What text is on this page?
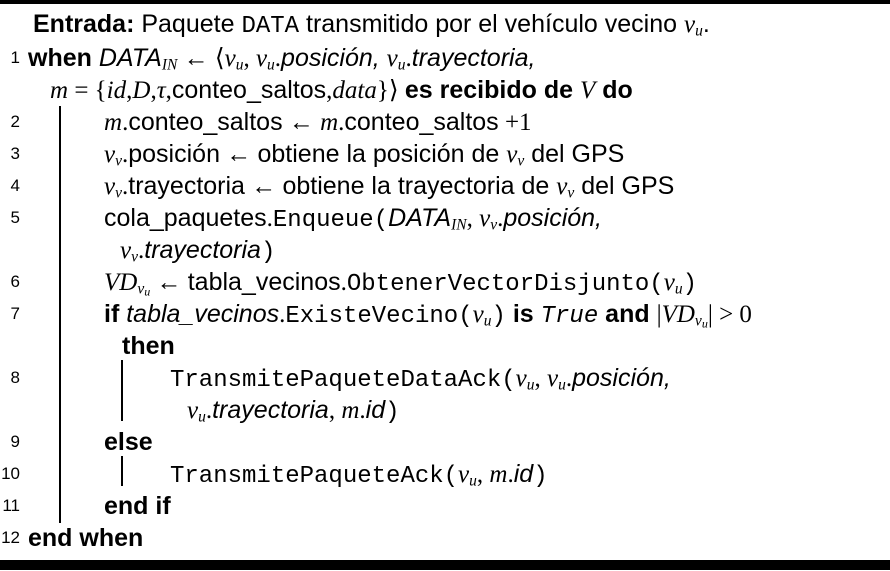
Entrada: Paquete DATA transmitido por el vehículo vecino vu.
1 when DATAIN ← ⟨vu, vu.posición, vu.trayectoria,
m = {id,D,τ,conteo_saltos,data}⟩ es recibido de V do
2	m.conteo_saltos ← m.conteo_saltos +1
3	vv.posición ← obtiene la posición de vv del GPS
4	vv.trayectoria ← obtiene la trayectoria de vv del GPS
5	cola_paquetes.Enqueue(DATAIN, vv.posición,
vv.trayectoria)
6	VDv$_u$ ← tabla_vecinos.ObtenerVectorDisjunto(vu)
7	if tabla_vecinos.ExisteVecino(vu) is True and |VDv$_u$| > 0
then
8	TransmitePaqueteDataAck(vu, vu.posición,
vu.trayectoria, m.id)
9	else
10	TransmitePaqueteAck(vu, m.id)
11	end if
12 end when
